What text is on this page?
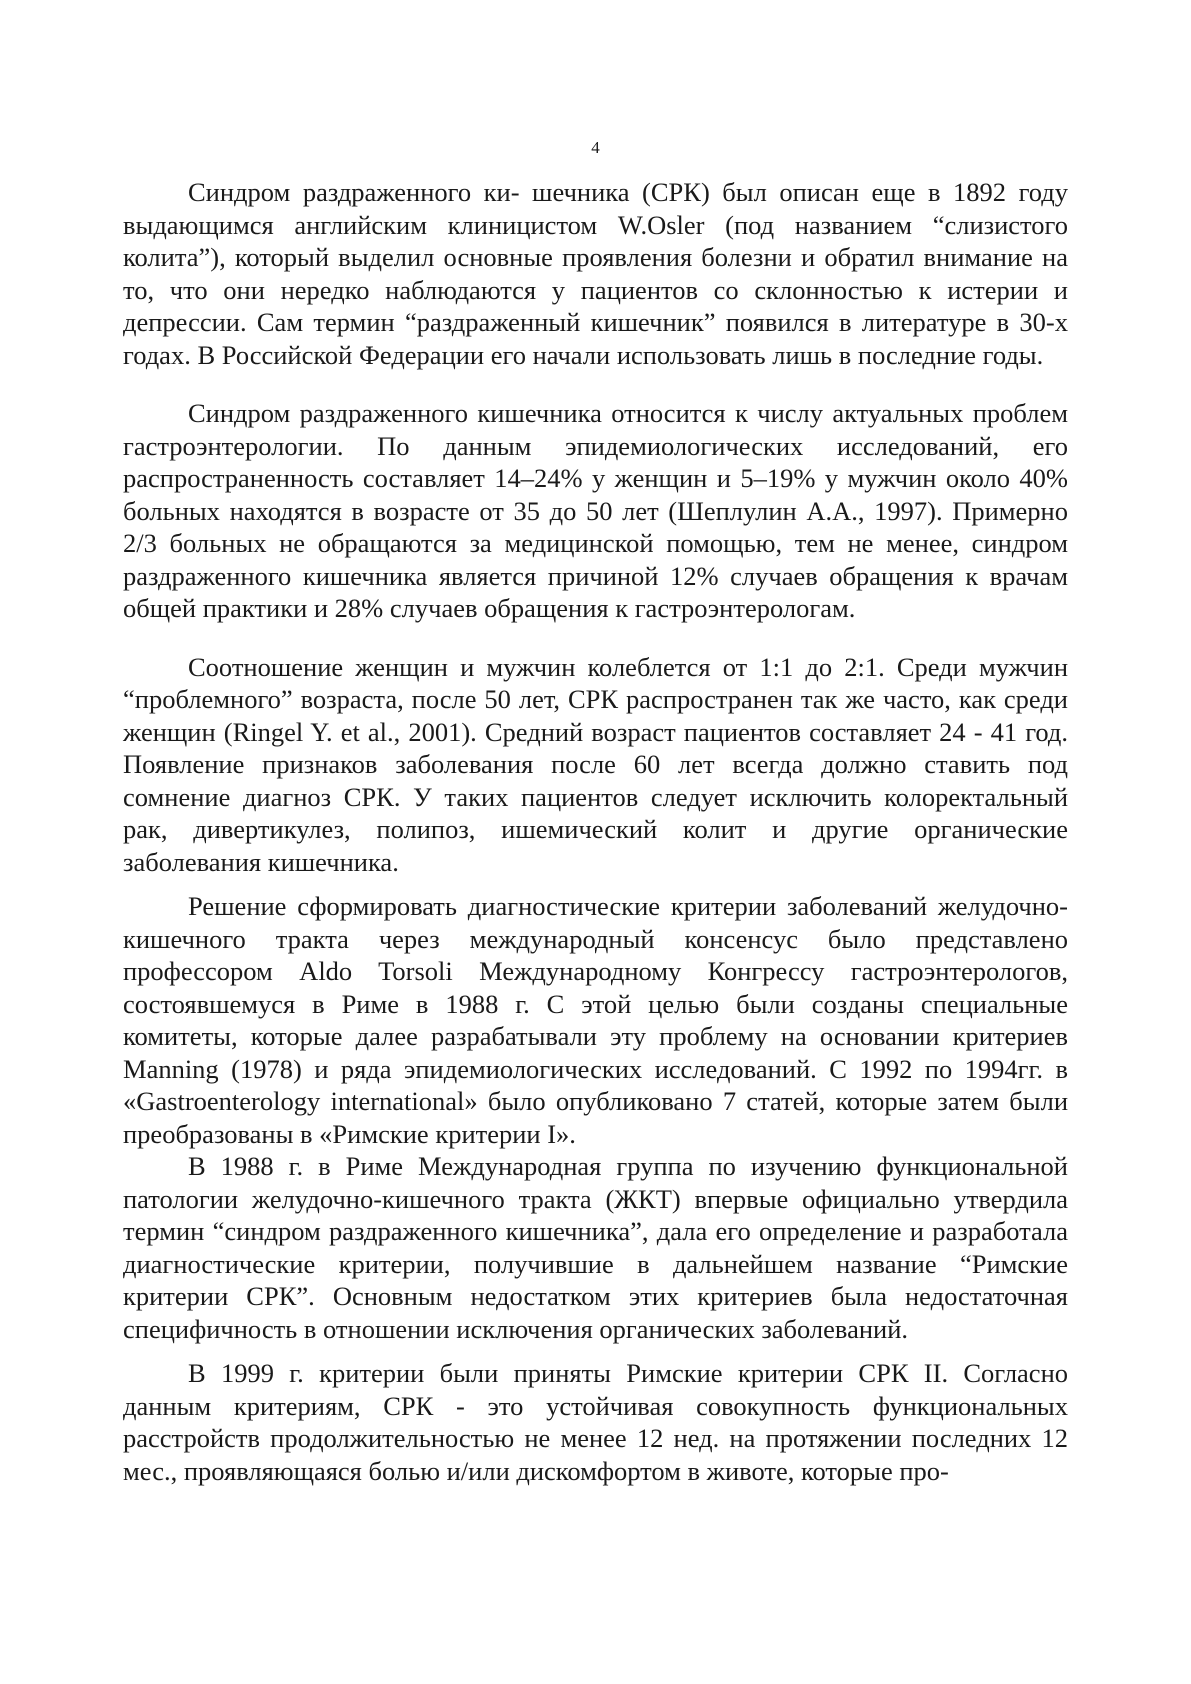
4

Синдром раздраженного ки- шечника (СРК) был описан еще в 1892 году выдающимся английским клиницистом W.Osler (под названием “слизистого колита”), который выделил основные проявления болезни и обратил внимание на то, что они нередко наблюдаются у пациентов со склонностью к истерии и депрессии. Сам термин “раздраженный кишечник” появился в литературе в 30-х годах. В Российской Федерации его начали использовать лишь в последние годы.

Синдром раздраженного кишечника относится к числу актуальных проблем гастроэнтерологии. По данным эпидемиологических исследований, его распространенность составляет 14–24% у женщин и 5–19% у мужчин около 40% больных находятся в возрасте от 35 до 50 лет (Шеплулин А.А., 1997). Примерно 2/3 больных не обращаются за медицинской помощью, тем не менее, синдром раздраженного кишечника является причиной 12% случаев обращения к врачам общей практики и 28% случаев обращения к гастроэнтерологам.

Соотношение женщин и мужчин колеблется от 1:1 до 2:1. Среди мужчин “проблемного” возраста, после 50 лет, СРК распространен так же часто, как среди женщин (Ringel Y. et al., 2001). Средний возраст пациентов составляет 24 - 41 год. Появление признаков заболевания после 60 лет всегда должно ставить под сомнение диагноз СРК. У таких пациентов следует исключить колоректальный рак, дивертикулез, полипоз, ишемический колит и другие органические заболевания кишечника.

Решение сформировать диагностические критерии заболеваний желудочно-кишечного тракта через международный консенсус было представлено профессором Aldo Torsoli Международному Конгрессу гастроэнтерологов, состоявшемуся в Риме в 1988 г. С этой целью были созданы специальные комитеты, которые далее разрабатывали эту проблему на основании критериев Manning (1978) и ряда эпидемиологических исследований. С 1992 по 1994гг. в «Gastroenterology international» было опубликовано 7 статей, которые затем были преобразованы в «Римские критерии I».

В 1988 г. в Риме Международная группа по изучению функциональной патологии желудочно-кишечного тракта (ЖКТ) впервые официально утвердила термин “синдром раздраженного кишечника”, дала его определение и разработала диагностические критерии, получившие в дальнейшем название “Римские критерии СРК”. Основным недостатком этих критериев была недостаточная специфичность в отношении исключения органических заболеваний.

В 1999 г. критерии были приняты Римские критерии СРК II. Согласно данным критериям, СРК - это устойчивая совокупность функциональных расстройств продолжительностью не менее 12 нед. на протяжении последних 12 мес., проявляющаяся болью и/или дискомфортом в животе, которые про-
